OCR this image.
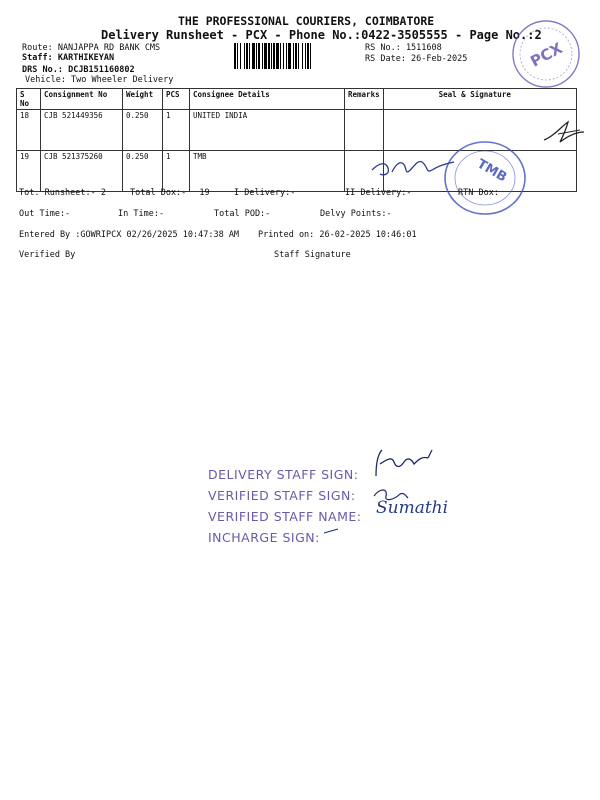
THE PROFESSIONAL COURIERS, COIMBATORE
Delivery Runsheet - PCX - Phone No.:0422-3505555 - Page No.:2
Route: NANJAPPA RD BANK CMS
Staff: KARTHIKEYAN
DRS No.: DCJB151160802
Vehicle: Two Wheeler Delivery
RS No.: 1511608
RS Date: 26-Feb-2025	PCX
S No	Consignment No	Weight	PCS	Consignee Details	Remarks	Seal & Signature
18	CJB 521449356	0.250	1	UNITED INDIA		
19	CJB 521375260	0.250	1	TMB		
TMB
Tot. Runsheet:- 2	Total Dox:- 19	I Delivery:-	II Delivery:-	RTN Dox:
Out Time:-	In Time:-	Total POD:-	Delvy Points:-
Entered By :GOWRIPCX 02/26/2025 10:47:38 AM Printed on: 26-02-2025 10:46:01
Verified By	Staff Signature
DELIVERY STAFF SIGN:
VERIFIED STAFF SIGN:
VERIFIED STAFF NAME:
INCHARGE SIGN:
Sumathi
